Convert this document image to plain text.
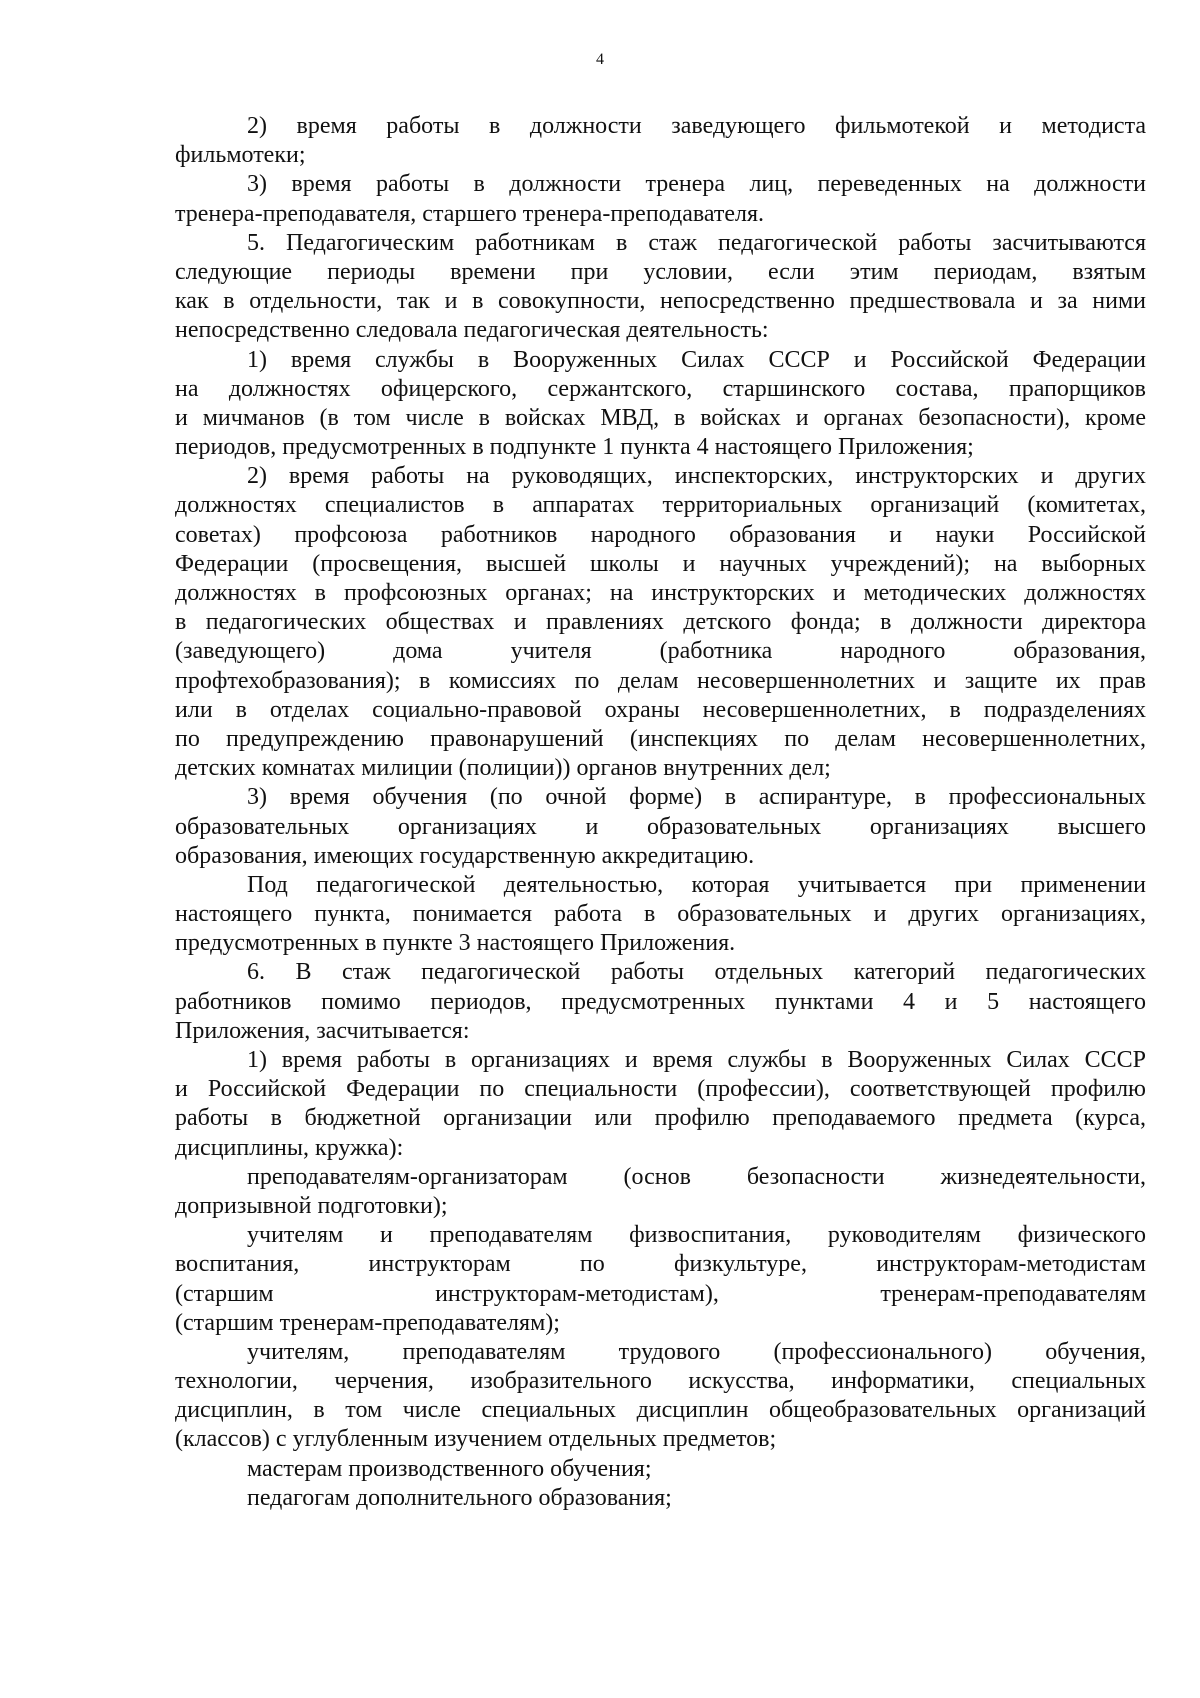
4
2) время работы в должности заведующего фильмотекой и методиста
фильмотеки;
3) время работы в должности тренера лиц, переведенных на должности
тренера-преподавателя, старшего тренера-преподавателя.
5. Педагогическим работникам в стаж педагогической работы засчитываются
следующие периоды времени при условии, если этим периодам, взятым
как в отдельности, так и в совокупности, непосредственно предшествовала и за ними
непосредственно следовала педагогическая деятельность:
1) время службы в Вооруженных Силах СССР и Российской Федерации
на должностях офицерского, сержантского, старшинского состава, прапорщиков
и мичманов (в том числе в войсках МВД, в войсках и органах безопасности), кроме
периодов, предусмотренных в подпункте 1 пункта 4 настоящего Приложения;
2) время работы на руководящих, инспекторских, инструкторских и других
должностях специалистов в аппаратах территориальных организаций (комитетах,
советах) профсоюза работников народного образования и науки Российской
Федерации (просвещения, высшей школы и научных учреждений); на выборных
должностях в профсоюзных органах; на инструкторских и методических должностях
в педагогических обществах и правлениях детского фонда; в должности директора
(заведующего) дома учителя (работника народного образования,
профтехобразования); в комиссиях по делам несовершеннолетних и защите их прав
или в отделах социально-правовой охраны несовершеннолетних, в подразделениях
по предупреждению правонарушений (инспекциях по делам несовершеннолетних,
детских комнатах милиции (полиции)) органов внутренних дел;
3) время обучения (по очной форме) в аспирантуре, в профессиональных
образовательных организациях и образовательных организациях высшего
образования, имеющих государственную аккредитацию.
Под педагогической деятельностью, которая учитывается при применении
настоящего пункта, понимается работа в образовательных и других организациях,
предусмотренных в пункте 3 настоящего Приложения.
6. В стаж педагогической работы отдельных категорий педагогических
работников помимо периодов, предусмотренных пунктами 4 и 5 настоящего
Приложения, засчитывается:
1) время работы в организациях и время службы в Вооруженных Силах СССР
и Российской Федерации по специальности (профессии), соответствующей профилю
работы в бюджетной организации или профилю преподаваемого предмета (курса,
дисциплины, кружка):
преподавателям-организаторам (основ безопасности жизнедеятельности,
допризывной подготовки);
учителям и преподавателям физвоспитания, руководителям физического
воспитания, инструкторам по физкультуре, инструкторам-методистам
(старшим инструкторам-методистам), тренерам-преподавателям
(старшим тренерам-преподавателям);
учителям, преподавателям трудового (профессионального) обучения,
технологии, черчения, изобразительного искусства, информатики, специальных
дисциплин, в том числе специальных дисциплин общеобразовательных организаций
(классов) с углубленным изучением отдельных предметов;
мастерам производственного обучения;
педагогам дополнительного образования;
